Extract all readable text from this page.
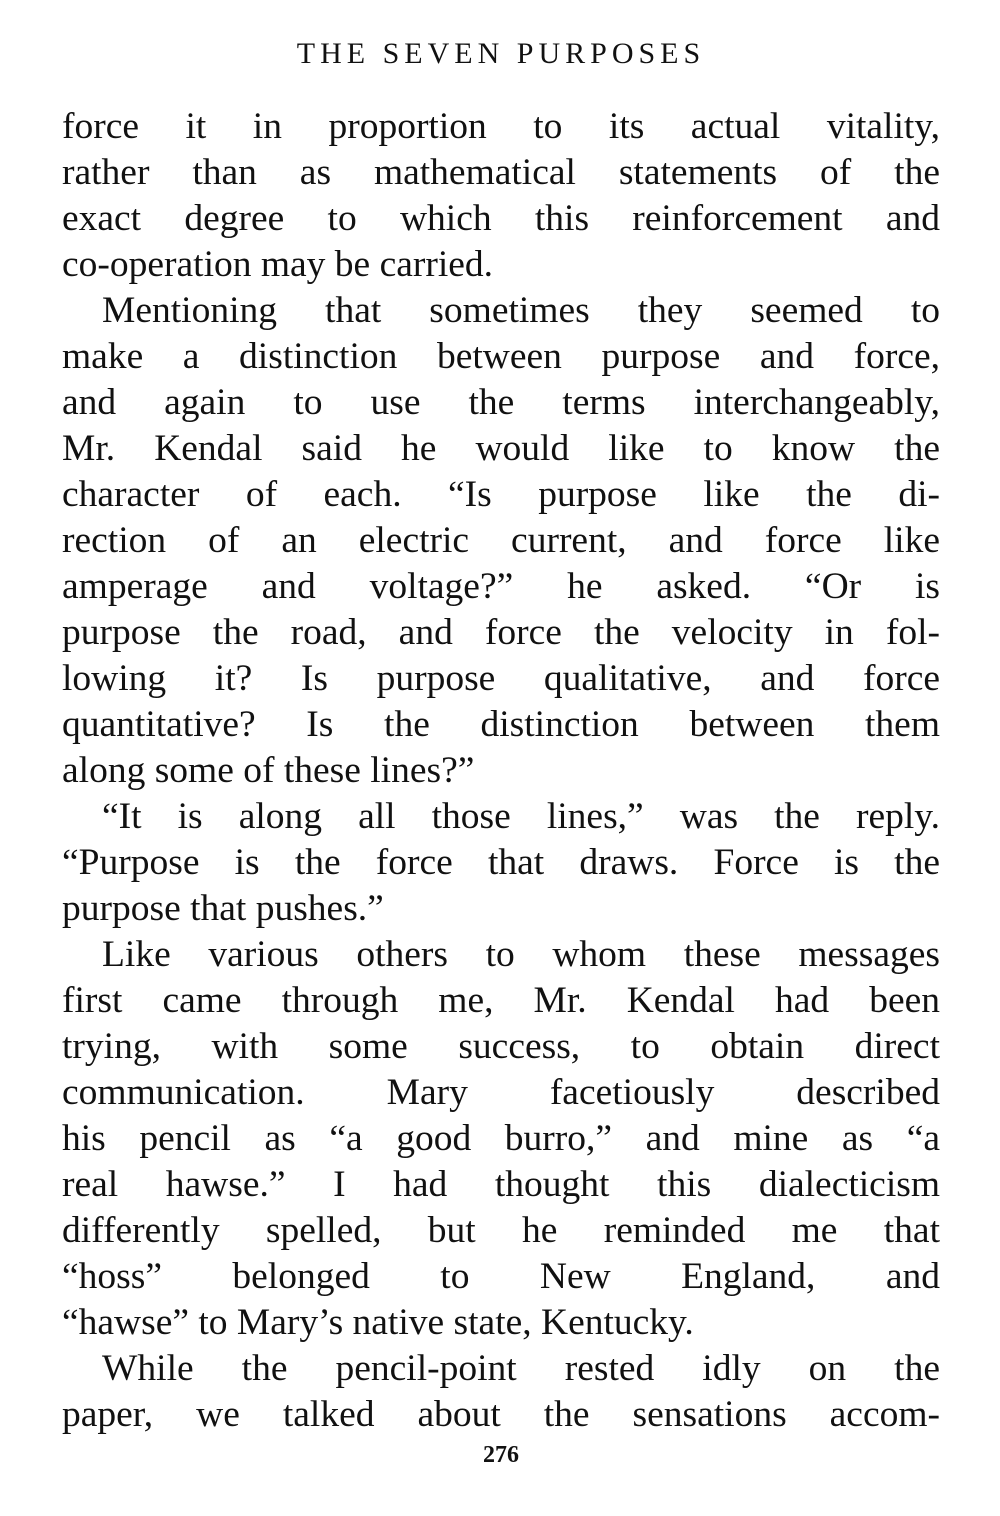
THE SEVEN PURPOSES
force it in proportion to its actual vitality,
rather than as mathematical statements of the
exact degree to which this reinforcement and
co-operation may be carried.
Mentioning that sometimes they seemed to
make a distinction between purpose and force,
and again to use the terms interchangeably,
Mr. Kendal said he would like to know the
character of each. “Is purpose like the di-
rection of an electric current, and force like
amperage and voltage?” he asked. “Or is
purpose the road, and force the velocity in fol-
lowing it? Is purpose qualitative, and force
quantitative? Is the distinction between them
along some of these lines?”
“It is along all those lines,” was the reply.
“Purpose is the force that draws. Force is the
purpose that pushes.”
Like various others to whom these messages
first came through me, Mr. Kendal had been
trying, with some success, to obtain direct
communication. Mary facetiously described
his pencil as “a good burro,” and mine as “a
real hawse.” I had thought this dialecticism
differently spelled, but he reminded me that
“hoss” belonged to New England, and
“hawse” to Mary’s native state, Kentucky.
While the pencil-point rested idly on the
paper, we talked about the sensations accom-
276
